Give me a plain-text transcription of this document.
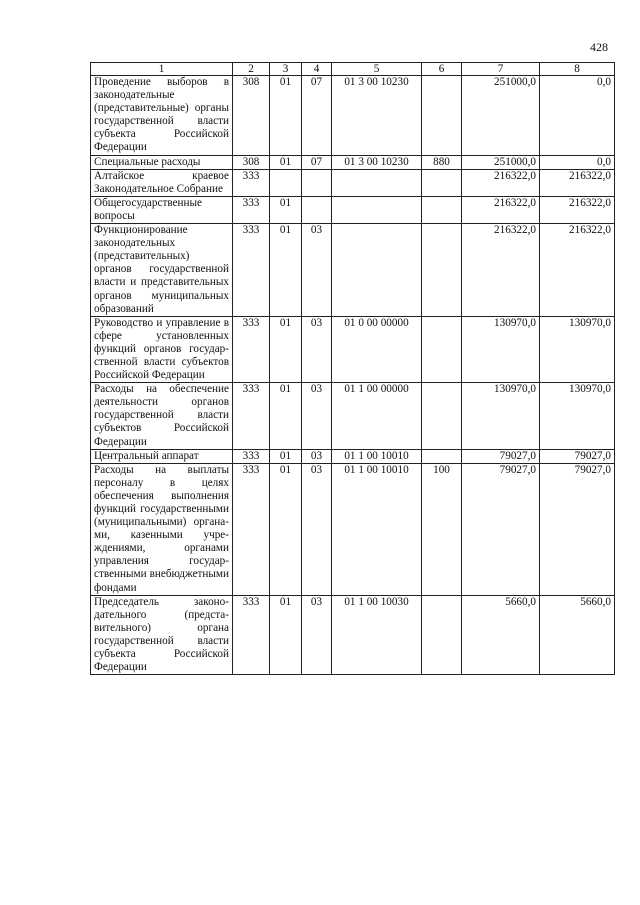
428
1	2	3	4	5	6	7	8
Проведение выборов в законодательные (представительные) органы государственной власти субъекта Российской Федерации	308	01	07	01 3 00 10230		251000,0	0,0
Специальные расходы	308	01	07	01 3 00 10230	880	251000,0	0,0
Алтайское краевое Законодательное Собрание	333					216322,0	216322,0
Общегосударственные вопросы	333	01				216322,0	216322,0
Функционирование законодательных (представительных) органов государственной власти и представительных органов муниципальных образований	333	01	03			216322,0	216322,0
Руководство и управление в сфере установленных функций органов государственной власти субъектов Российской Федерации	333	01	03	01 0 00 00000		130970,0	130970,0
Расходы на обеспечение деятельности органов государственной власти субъектов Российской Федерации	333	01	03	01 1 00 00000		130970,0	130970,0
Центральный аппарат	333	01	03	01 1 00 10010		79027,0	79027,0
Расходы на выплаты персоналу в целях обеспечения выполнения функций государственными (муниципальными) органами, казенными учреждениями, органами управления государственными внебюджетными фондами	333	01	03	01 1 00 10010	100	79027,0	79027,0
Председатель законодательного (представительного) органа государственной власти субъекта Российской Федерации	333	01	03	01 1 00 10030		5660,0	5660,0
